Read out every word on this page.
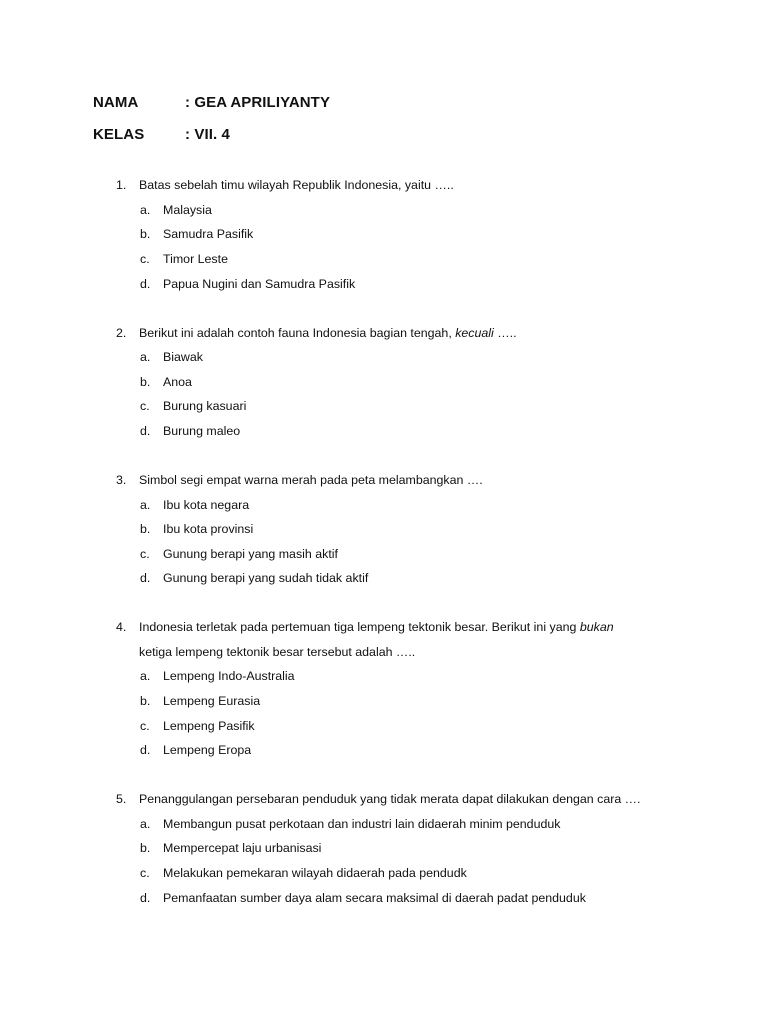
NAMA	: GEA APRILIYANTY
KELAS	: VII. 4
1.	Batas sebelah timu wilayah Republik Indonesia, yaitu …..
a.	Malaysia
b.	Samudra Pasifik
c.	Timor Leste
d.	Papua Nugini dan Samudra Pasifik
2.	Berikut ini adalah contoh fauna Indonesia bagian tengah, kecuali …..
a.	Biawak
b.	Anoa
c.	Burung kasuari
d.	Burung maleo
3.	Simbol segi empat warna merah pada peta melambangkan ….
a.	Ibu kota negara
b.	Ibu kota provinsi
c.	Gunung berapi yang masih aktif
d.	Gunung berapi yang sudah tidak aktif
4.	Indonesia terletak pada pertemuan tiga lempeng tektonik besar. Berikut ini yang bukan
ketiga lempeng tektonik besar tersebut adalah …..
a.	Lempeng Indo-Australia
b.	Lempeng Eurasia
c.	Lempeng Pasifik
d.	Lempeng Eropa
5.	Penanggulangan persebaran penduduk yang tidak merata dapat dilakukan dengan cara ….
a.	Membangun pusat perkotaan dan industri lain didaerah minim penduduk
b.	Mempercepat laju urbanisasi
c.	Melakukan pemekaran wilayah didaerah pada pendudk
d.	Pemanfaatan sumber daya alam secara maksimal di daerah padat penduduk
